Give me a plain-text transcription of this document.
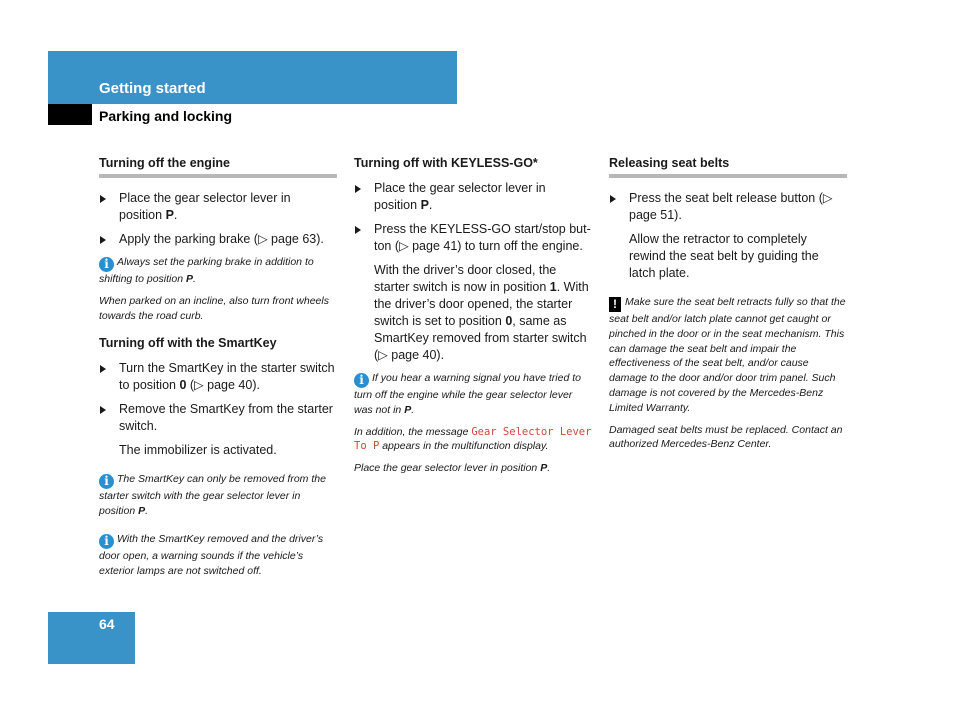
Getting started
Parking and locking
Turning off the engine
Place the gear selector lever in position P.
Apply the parking brake (▷ page 63).
i Always set the parking brake in addition to shifting to position P.
When parked on an incline, also turn front wheels towards the road curb.
Turning off with the SmartKey
Turn the SmartKey in the starter switch to position 0 (▷ page 40).
Remove the SmartKey from the starter switch.
The immobilizer is activated.
i The SmartKey can only be removed from the starter switch with the gear selector lever in position P.
i With the SmartKey removed and the driver’s door open, a warning sounds if the vehicle’s exterior lamps are not switched off.
Turning off with KEYLESS-GO*
Place the gear selector lever in position P.
Press the KEYLESS-GO start/stop but-ton (▷ page 41) to turn off the engine.
With the driver’s door closed, the starter switch is now in position 1. With the driver’s door opened, the starter switch is set to position 0, same as SmartKey removed from starter switch (▷ page 40).
i If you hear a warning signal you have tried to turn off the engine while the gear selector lever was not in P.
In addition, the message Gear Selector Lever To P appears in the multifunction display.
Place the gear selector lever in position P.
Releasing seat belts
Press the seat belt release button (▷ page 51).
Allow the retractor to completely rewind the seat belt by guiding the latch plate.
! Make sure the seat belt retracts fully so that the seat belt and/or latch plate cannot get caught or pinched in the door or in the seat mechanism. This can damage the seat belt and impair the effectiveness of the seat belt, and/or cause damage to the door and/or door trim panel. Such damage is not covered by the Mercedes-Benz Limited Warranty.
Damaged seat belts must be replaced. Contact an authorized Mercedes-Benz Center.
64
